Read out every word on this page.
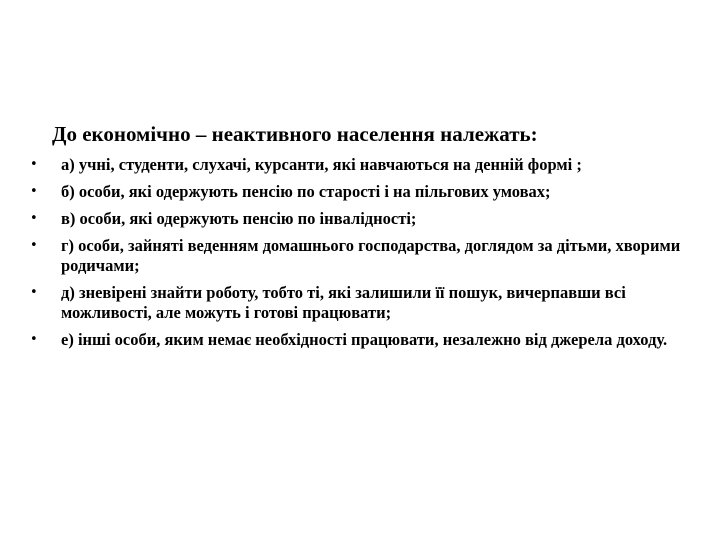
До економічно – неактивного населення належать:
• а) учні, студенти, слухачі, курсанти, які навчаються на денній формі ;
• б) особи, які одержують пенсію по старості і на пільгових умовах;
• в) особи, які одержують пенсію по інвалідності;
• г) особи, зайняті веденням домашнього господарства, доглядом за дітьми, хворими родичами;
• д) зневірені знайти роботу, тобто ті, які залишили її пошук, вичерпавши всі можливості, але можуть і готові працювати;
• е) інші особи, яким немає необхідності працювати, незалежно від джерела доходу.
